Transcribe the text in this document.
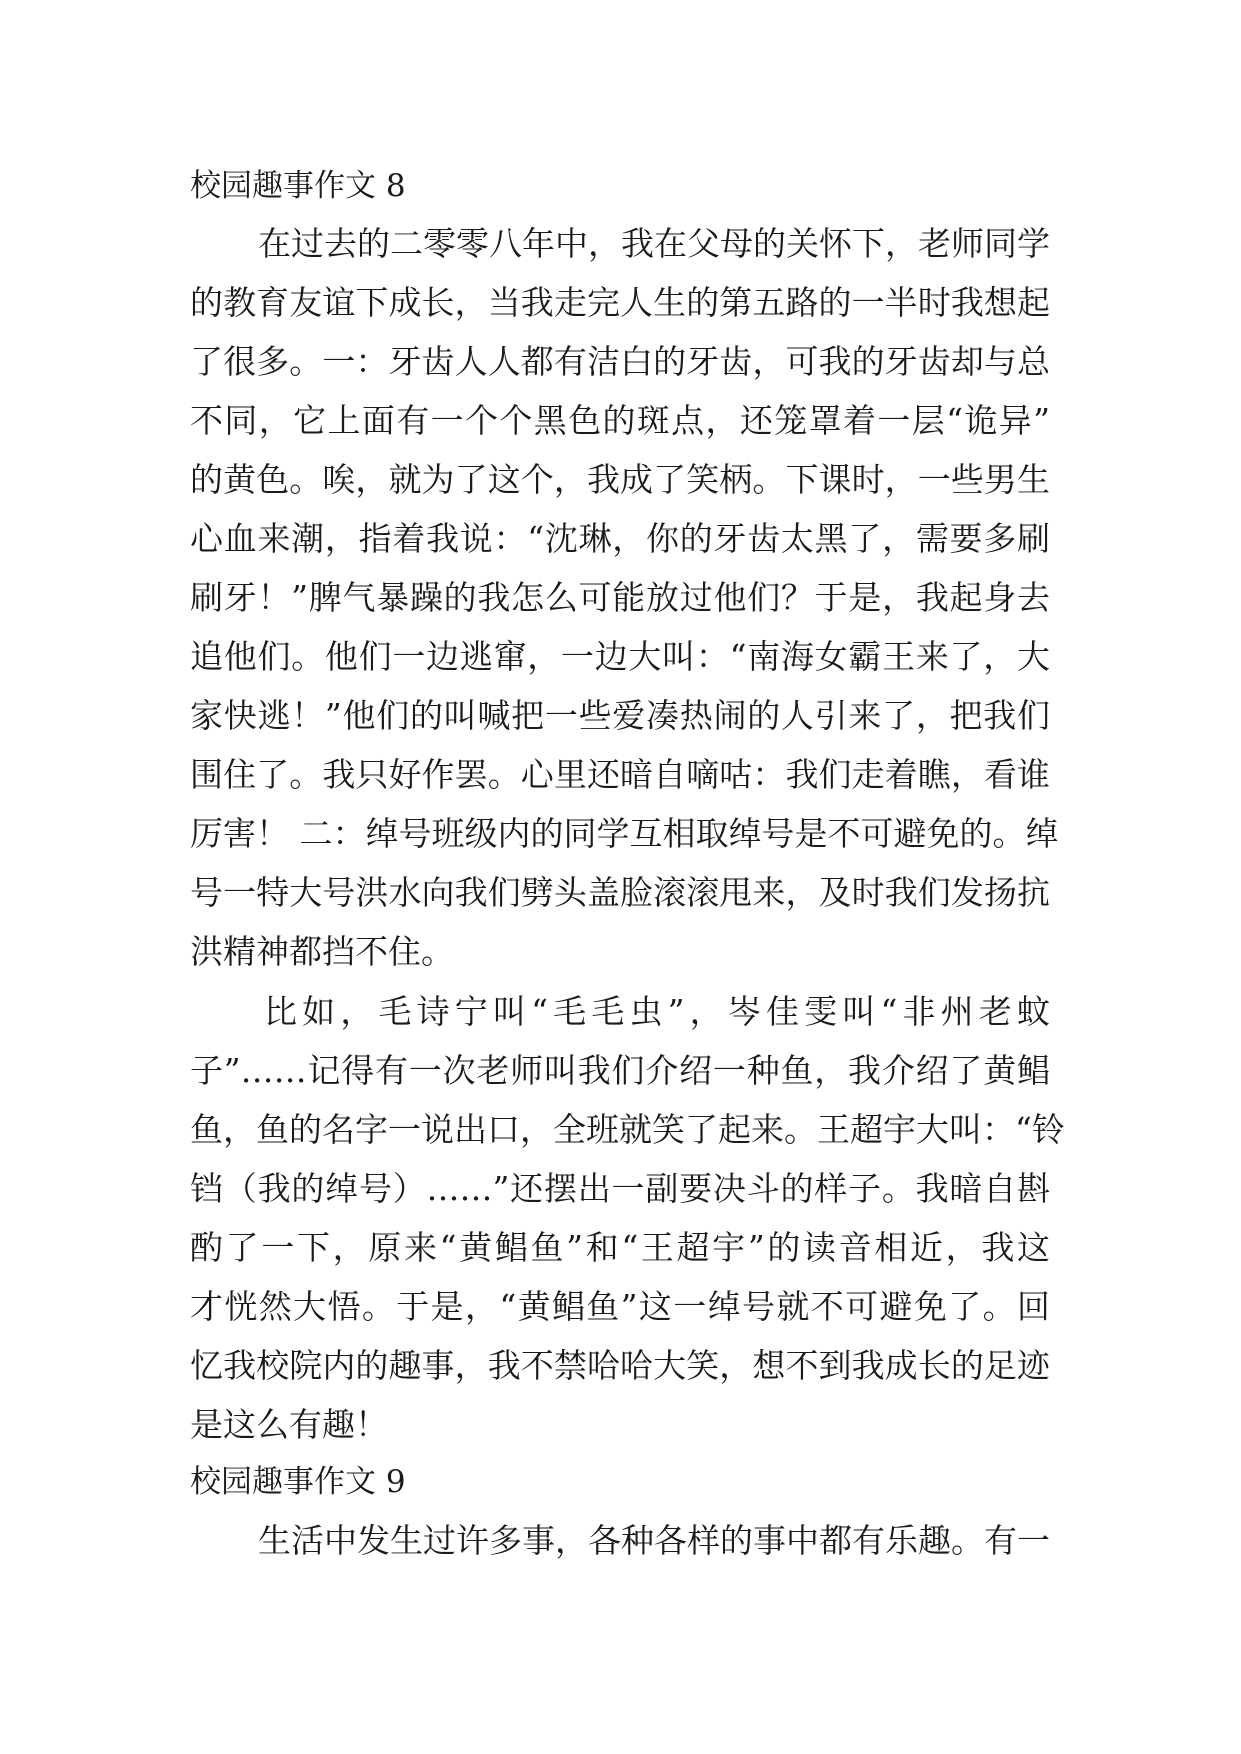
校园趣事作文 8
在过去的二零零八年中，我在父母的关怀下，老师同学
的教育友谊下成长，当我走完人生的第五路的一半时我想起
了很多。一：牙齿人人都有洁白的牙齿，可我的牙齿却与总
不同，它上面有一个个黑色的斑点，还笼罩着一层“诡异”
的黄色。唉，就为了这个，我成了笑柄。下课时，一些男生
心血来潮，指着我说：“沈琳，你的牙齿太黑了，需要多刷
刷牙！”脾气暴躁的我怎么可能放过他们？于是，我起身去
追他们。他们一边逃窜，一边大叫：“南海女霸王来了，大
家快逃！”他们的叫喊把一些爱凑热闹的人引来了，把我们
围住了。我只好作罢。心里还暗自嘀咕：我们走着瞧，看谁
厉害！ 二：绰号班级内的同学互相取绰号是不可避免的。绰
号一特大号洪水向我们劈头盖脸滚滚甩来，及时我们发扬抗
洪精神都挡不住。
比如，毛诗宁叫“毛毛虫”，岑佳雯叫“非州老蚊
子”……记得有一次老师叫我们介绍一种鱼，我介绍了黄鲳
鱼，鱼的名字一说出口，全班就笑了起来。王超宇大叫：“铃
铛（我的绰号）……”还摆出一副要决斗的样子。我暗自斟
酌了一下，原来“黄鲳鱼”和“王超宇”的读音相近，我这
才恍然大悟。于是，“黄鲳鱼”这一绰号就不可避免了。回
忆我校院内的趣事，我不禁哈哈大笑，想不到我成长的足迹
是这么有趣！
校园趣事作文 9
生活中发生过许多事，各种各样的事中都有乐趣。有一
